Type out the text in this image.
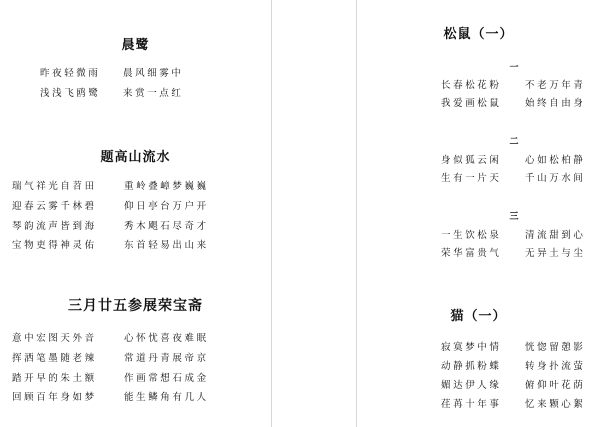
晨鹭
昨夜轻微雨 晨风细雾中
浅浅飞鸥鹭 来赏一点红
题高山流水
瑞气祥光自苕田	重岭叠嶂梦巍巍
迎春云雾千林碧	仰日亭台万户开
琴韵流声皆到海	秀木飓石尽奇才
宝物吏得神灵佑	东首轻易出山来
三月廿五参展荣宝斋
意中宏图天外音	心怀忧喜夜难眠
挥洒笔墨随老辣	常道丹青展帝京
踏开早的朱土额	作画常想石成金
回顾百年身如梦	能生鳞角有几人
松鼠（一）
一
长春松花粉 不老万年青
我爱画松鼠 始终自由身
二
身似狐云闲 心如松柏静
生有一片天 千山万水间
三
一生饮松泉 清流甜到心
荣华富贵气 无异土与尘
猫（一）
寂寞梦中情 恍惚留憩影
动静抓粉蝶 转身扑流萤
媚达伊人缘 俯仰叶花荫
荏苒十年事 忆来颗心絮
